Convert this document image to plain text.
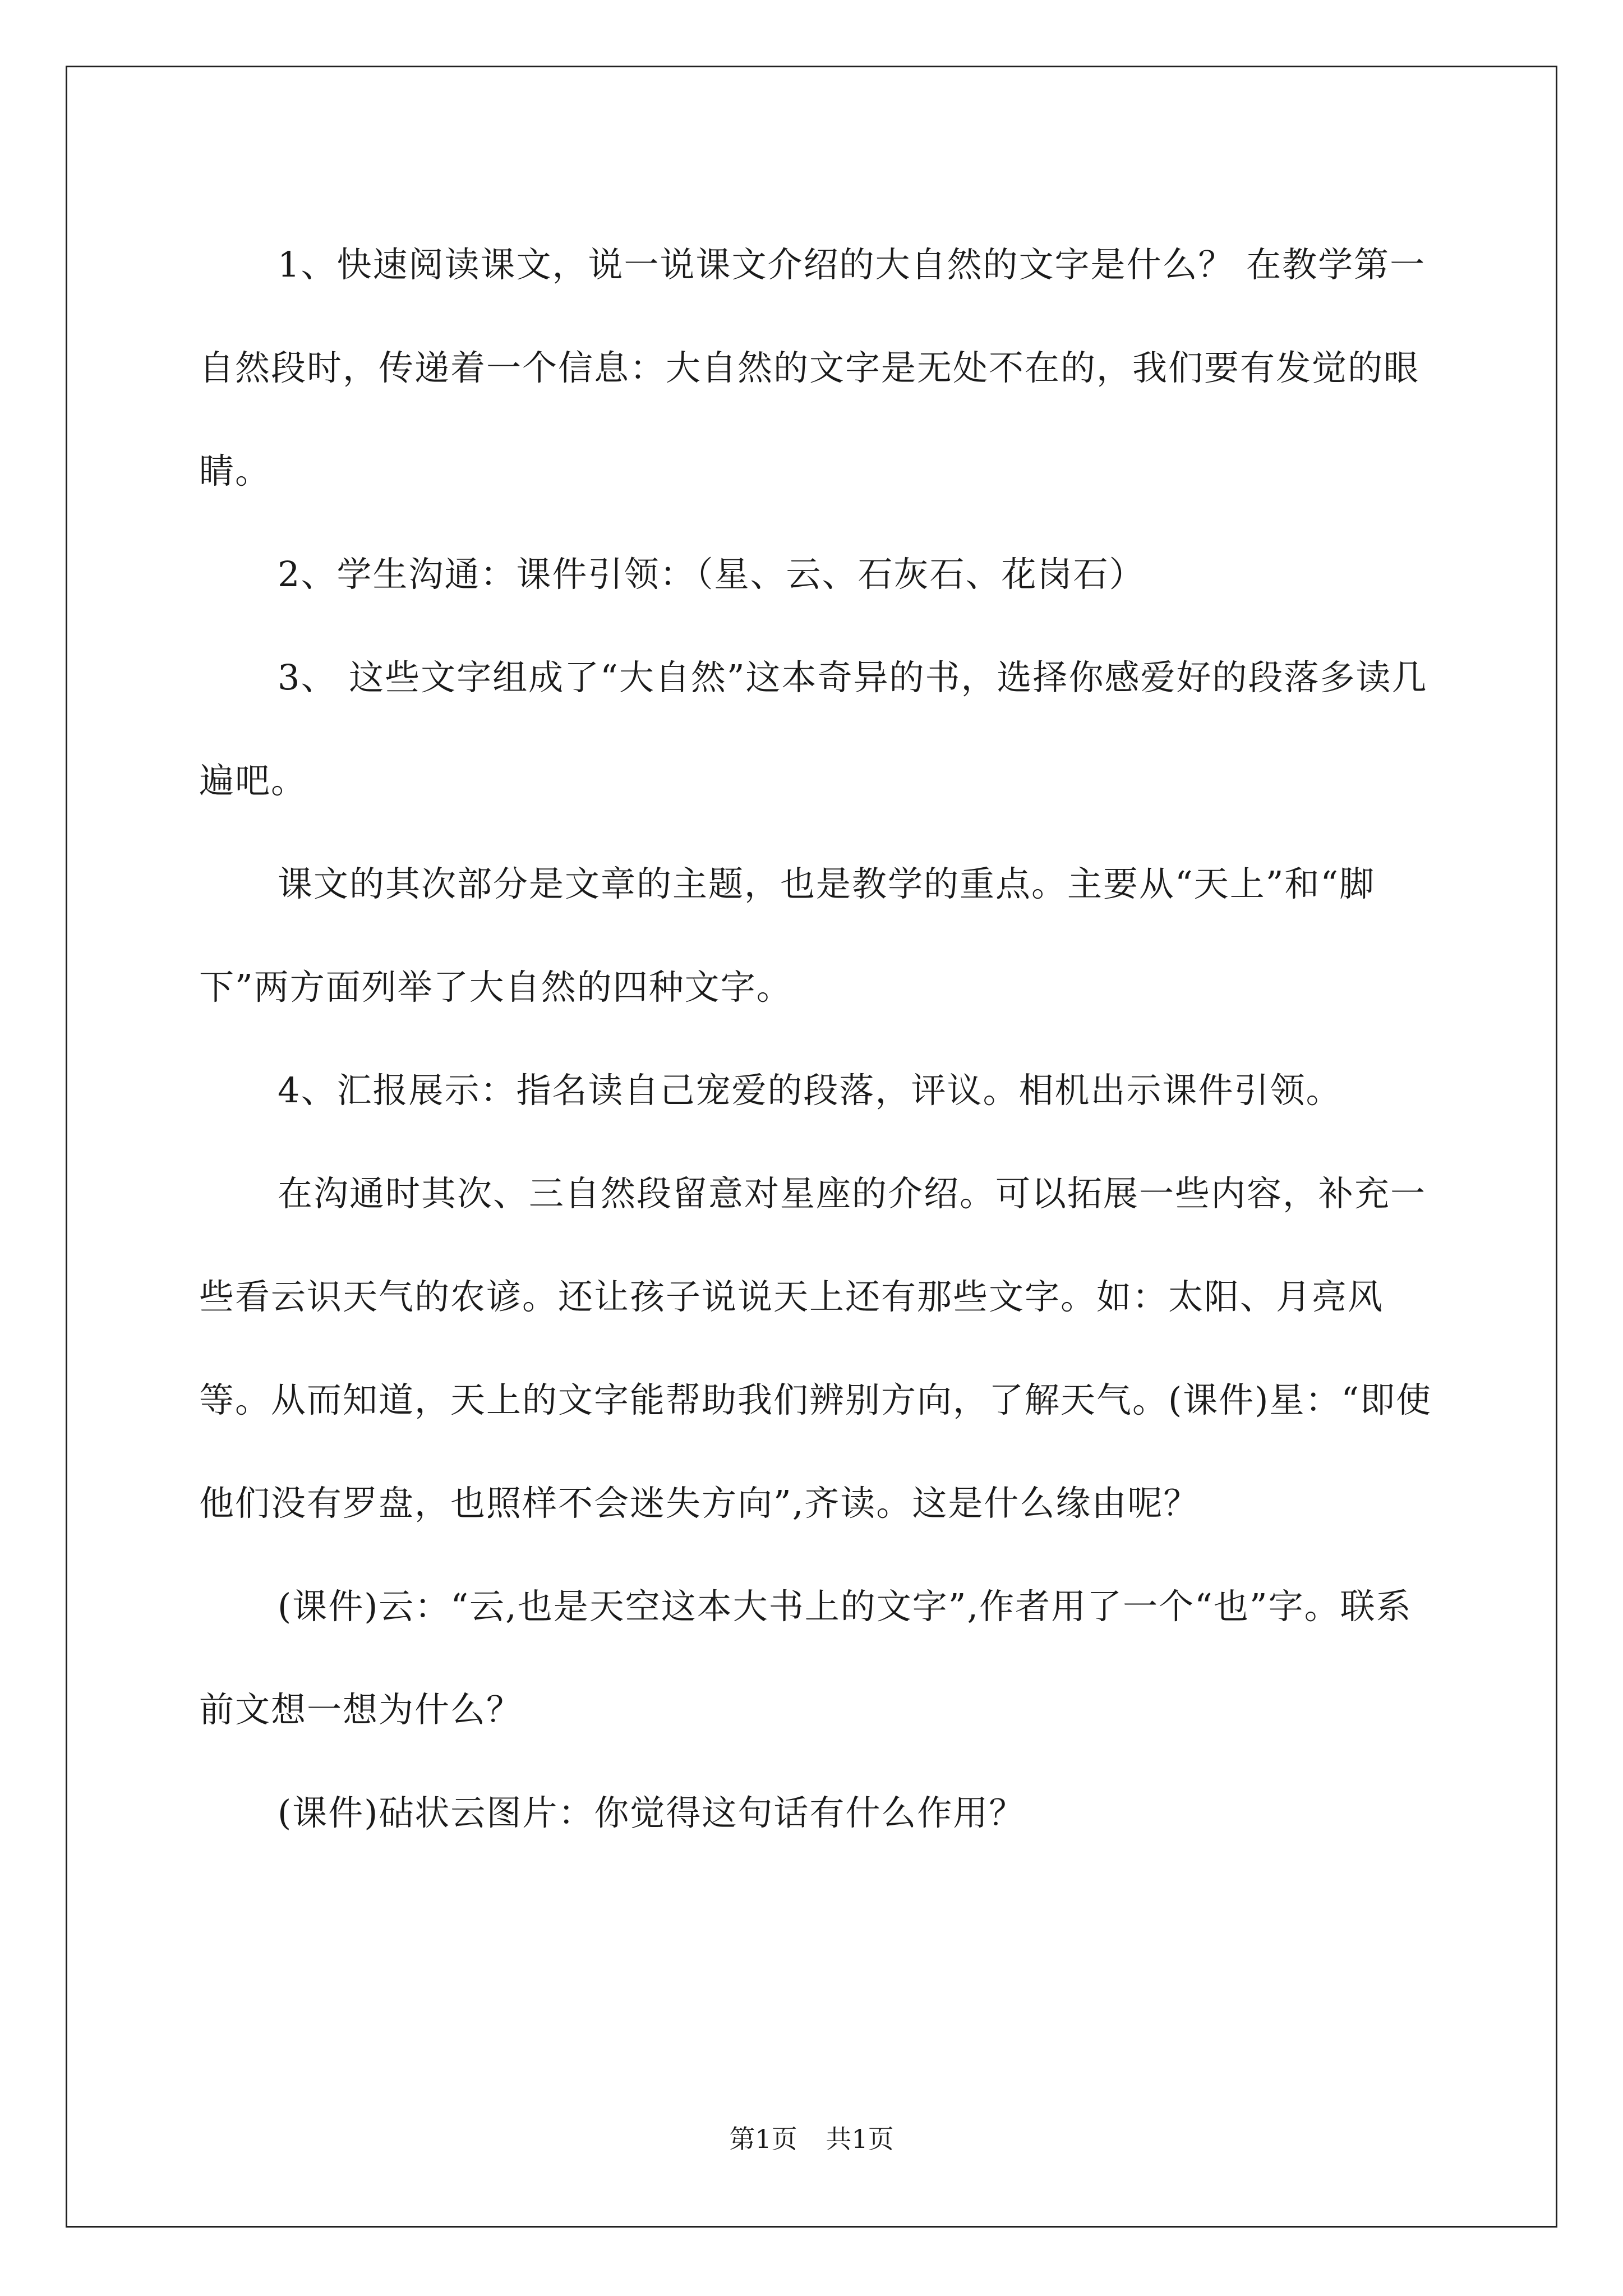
1、快速阅读课文，说一说课文介绍的大自然的文字是什么？ 在教学第一自然段时，传递着一个信息：大自然的文字是无处不在的，我们要有发觉的眼睛。

2、学生沟通：课件引领：（星、云、石灰石、花岗石）

3、 这些文字组成了“大自然”这本奇异的书，选择你感爱好的段落多读几遍吧。

课文的其次部分是文章的主题，也是教学的重点。主要从“天上”和“脚下”两方面列举了大自然的四种文字。

4、汇报展示：指名读自己宠爱的段落，评议。相机出示课件引领。

在沟通时其次、三自然段留意对星座的介绍。可以拓展一些内容，补充一些看云识天气的农谚。还让孩子说说天上还有那些文字。如：太阳、月亮风等。从而知道，天上的文字能帮助我们辨别方向，了解天气。(课件)星：“即使他们没有罗盘，也照样不会迷失方向”,齐读。这是什么缘由呢？

(课件)云：“云,也是天空这本大书上的文字”,作者用了一个“也”字。联系前文想一想为什么？

(课件)砧状云图片：你觉得这句话有什么作用？

第1页 共1页
